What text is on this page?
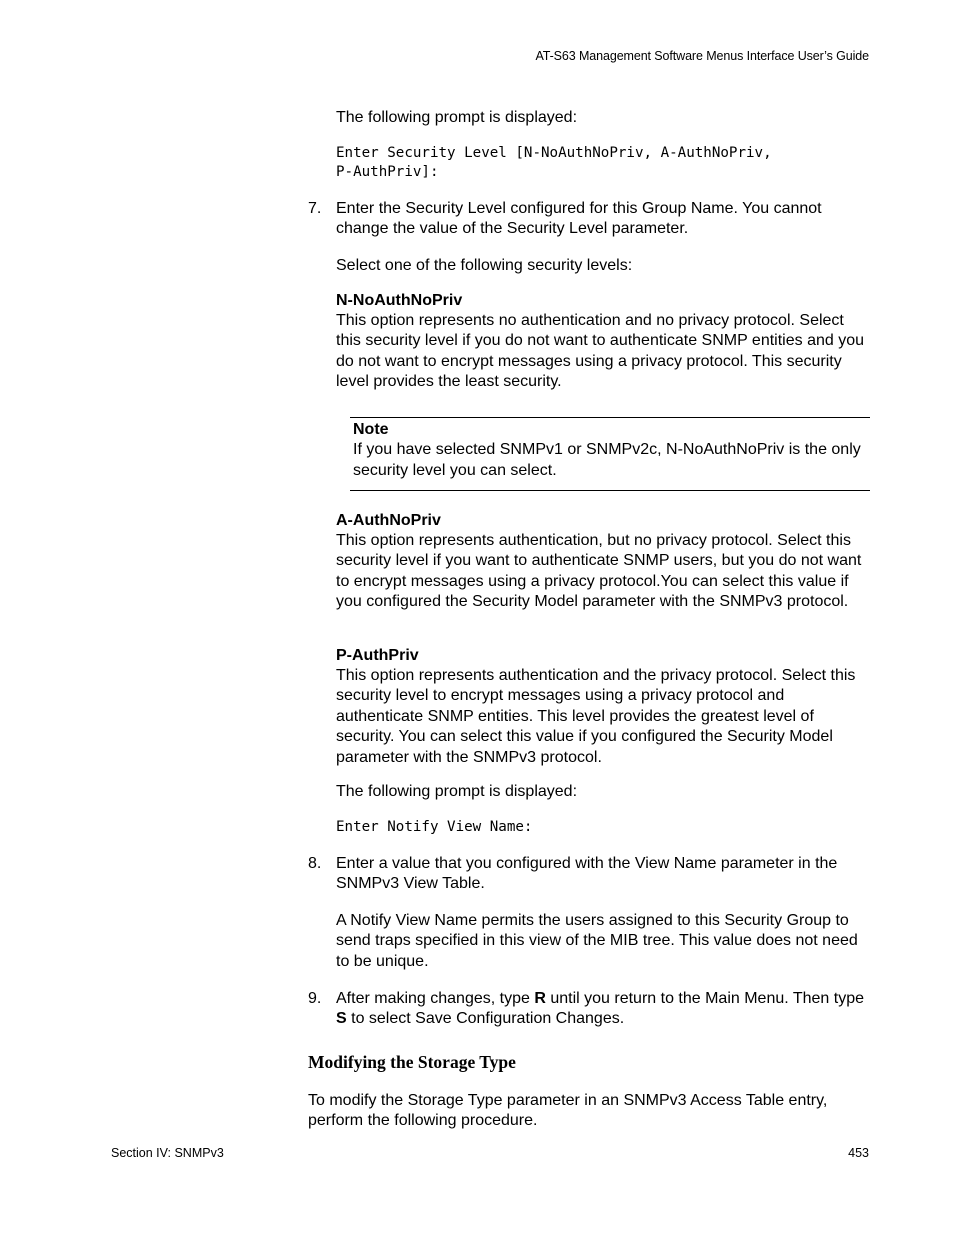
AT-S63 Management Software Menus Interface User’s Guide

The following prompt is displayed:

Enter Security Level [N-NoAuthNoPriv, A-AuthNoPriv,
P-AuthPriv]:
7. Enter the Security Level configured for this Group Name. You cannot change the value of the Security Level parameter.

Select one of the following security levels:

N-NoAuthNoPriv

This option represents no authentication and no privacy protocol. Select this security level if you do not want to authenticate SNMP entities and you do not want to encrypt messages using a privacy protocol. This security level provides the least security.

Note

If you have selected SNMPv1 or SNMPv2c, N-NoAuthNoPriv is the only security level you can select.

A-AuthNoPriv

This option represents authentication, but no privacy protocol. Select this security level if you want to authenticate SNMP users, but you do not want to encrypt messages using a privacy protocol.You can select this value if you configured the Security Model parameter with the SNMPv3 protocol.

P-AuthPriv

This option represents authentication and the privacy protocol. Select this security level to encrypt messages using a privacy protocol and authenticate SNMP entities. This level provides the greatest level of security. You can select this value if you configured the Security Model parameter with the SNMPv3 protocol.

The following prompt is displayed:

Enter Notify View Name:
8. Enter a value that you configured with the View Name parameter in the SNMPv3 View Table.

A Notify View Name permits the users assigned to this Security Group to send traps specified in this view of the MIB tree. This value does not need to be unique.

9. After making changes, type R until you return to the Main Menu. Then type S to select Save Configuration Changes.

Modifying the Storage Type

To modify the Storage Type parameter in an SNMPv3 Access Table entry, perform the following procedure.

Section IV: SNMPv3	453
